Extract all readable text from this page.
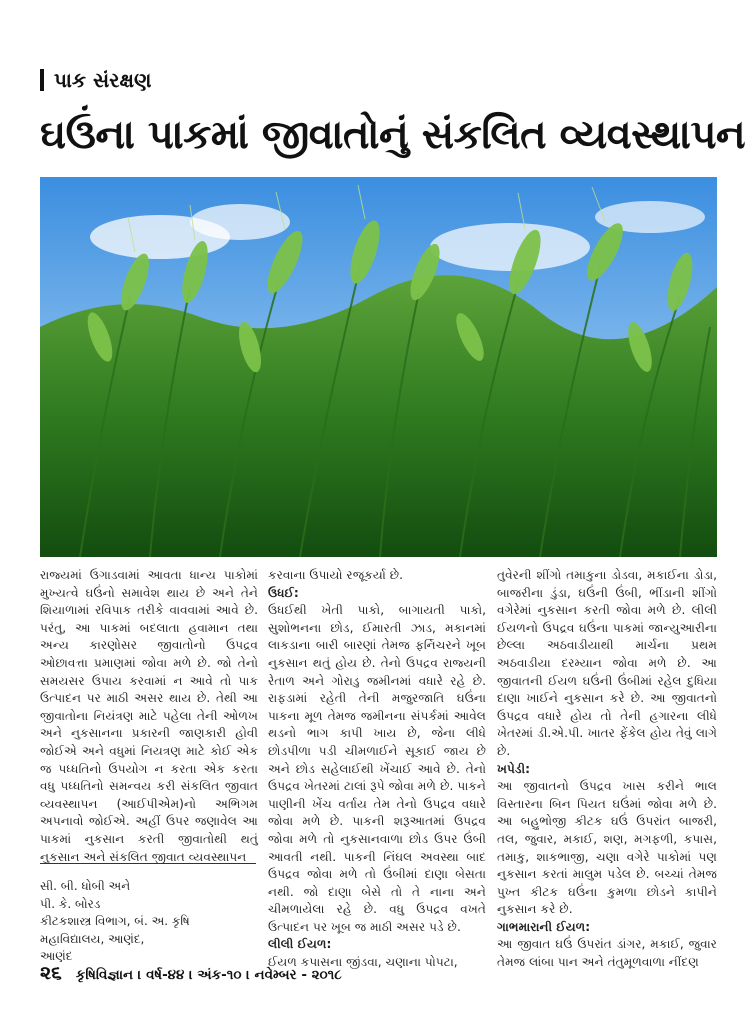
પાક સંરક્ષણ
ઘઉંના પાકમાં જીવાતોનું સંકલિત વ્યવસ્થાપન

રાજ્યમાં ઉગાડવામાં આવતા ધાન્ય પાકોમાં મુખ્યત્વે ઘઉંનો સમાવેશ થાય છે અને તેને શિયાળામાં રવિપાક તરીકે વાવવામાં આવે છે. પરંતુ, આ પાકમાં બદલાતા હવામાન તથા અન્ય કારણોસર જીવાતોનો ઉપદ્રવ ઓછાવત્તા પ્રમાણમાં જોવા મળે છે. જો તેનો સમયસર ઉપાય કરવામાં ન આવે તો પાક ઉત્પાદન પર માઠી અસર થાય છે. તેથી આ જીવાતોના નિયંત્રણ માટે પહેલા તેની ઓળખ અને નુકસાનના પ્રકારની જાણકારી હોવી જોઈએ અને વધુમાં નિયત્રણ માટે કોઈ એક જ પધ્ધતિનો ઉપયોગ ન કરતા એક કરતા વધુ પધ્ધતિનો સમન્વય કરી સંકલિત જીવાત વ્યવસ્થાપન (આઈપીએમ)નો અભિગમ અપનાવો જોઈએ. અહીં ઉપર જણાવેલ આ પાકમાં નુકસાન કરતી જીવાતોથી થતું નુકસાન અને સંકલિત જીવાત વ્યવસ્થાપન

સી. બી. ધોબી અને
પી. કે. બોરડ
કીટકશાસ્ત્ર વિભાગ, બં. અ. કૃષિ
મહાવિદ્યાલય, આણંદ,
આણંદ

કરવાના ઉપાયો રજૂકર્યા છે.

ઉધઈ:

ઉધઈથી ખેતી પાકો, બાગાયતી પાકો, સુશોભનના છોડ, ઈમારતી ઝાડ, મકાનમાં લાકડાના બારી બારણાં તેમજ ફર્નિચરને ખૂબ નુકસાન થતું હોય છે. તેનો ઉપદ્રવ રાજ્યની રેતાળ અને ગોરાડુ જમીનમાં વધારે રહે છે. રાફડામાં રહેતી તેની મજુરજાતિ ઘઉંના પાકના મૂળ તેમજ જમીનના સંપર્કમાં આવેલ થડનો ભાગ કાપી ખાય છે, જેના લીધે છોડપીળા પડી ચીમળાઈને સૂકાઈ જાય છે અને છોડ સહેલાઈથી ખેંચાઈ આવે છે. તેનો ઉપદ્રવ ખેતરમાં ટાલાં રૂપે જોવા મળે છે. પાકને પાણીની ખેંચ વર્તાય તેમ તેનો ઉપદ્રવ વધારે જોવા મળે છે. પાકની શરૂઆતમાં ઉપદ્રવ જોવા મળે તો નુકસાનવાળા છોડ ઉપર ઉંબી આવતી નથી. પાકની નિંઘલ અવસ્થા બાદ ઉપદ્રવ જોવા મળે તો ઉંબીમાં દાણા બેસતા નથી. જો દાણા બેસે તો તે નાના અને ચીમળાયેલા રહે છે. વધુ ઉપદ્રવ વખતે ઉત્પાદન પર ખૂબ જ માઠી અસર પડે છે.

લીલી ઈયળ:

ઈયળ કપાસના જીંડવા, ચણાના પોપટા,

તુવેરની શીંગો તમાકુના ડોડવા, મકાઈના ડોડા, બાજરીના ડુંડા, ઘઉંની ઉંબી, ભીંડાની શીંગો વગેરેમાં નુકસાન કરતી જોવા મળે છે. લીલી ઈયળનો ઉપદ્રવ ઘઉંના પાકમાં જાન્યુઆરીના છેલ્લા અઠવાડીયાથી માર્ચના પ્રથમ અઠવાડીયા દરમ્યાન જોવા મળે છે. આ જીવાતની ઈયળ ઘઉંની ઉંબીમાં રહેલ દુધિયા દાણા ખાઈને નુકસાન કરે છે. આ જીવાતનો ઉપદ્રવ વધારે હોય તો તેની હગારના લીધે ખેતરમાં ડી.એ.પી. ખાતર ફેંકેલ હોય તેવું લાગે છે.

ખપેડી:

આ જીવાતનો ઉપદ્રવ ખાસ કરીને ભાલ વિસ્તારના બિન પિયત ઘઉંમાં જોવા મળે છે. આ બહુભોજી કીટક ઘઉં ઉપરાંત બાજરી, તલ, જુવાર, મકાઈ, શણ, મગફળી, કપાસ, તમાકુ, શાકભાજી, ચણા વગેરે પાકોમાં પણ નુકસાન કરતાં માલુમ પડેલ છે. બચ્ચાં તેમજ પુખ્ત કીટક ઘઉંના કુમળા છોડને કાપીને નુકસાન કરે છે.

ગાભમારાની ઈયળ:

આ જીવાત ઘઉં ઉપરાંત ડાંગર, મકાઈ, જુવાર તેમજ લાંબા પાન અને તંતુમૂળવાળા નીંદણ

૨૬ કૃષિવિજ્ઞાન । વર્ષ-૪૪ । અંક-૧૦ । નવેમ્બર - ૨૦૧૮
